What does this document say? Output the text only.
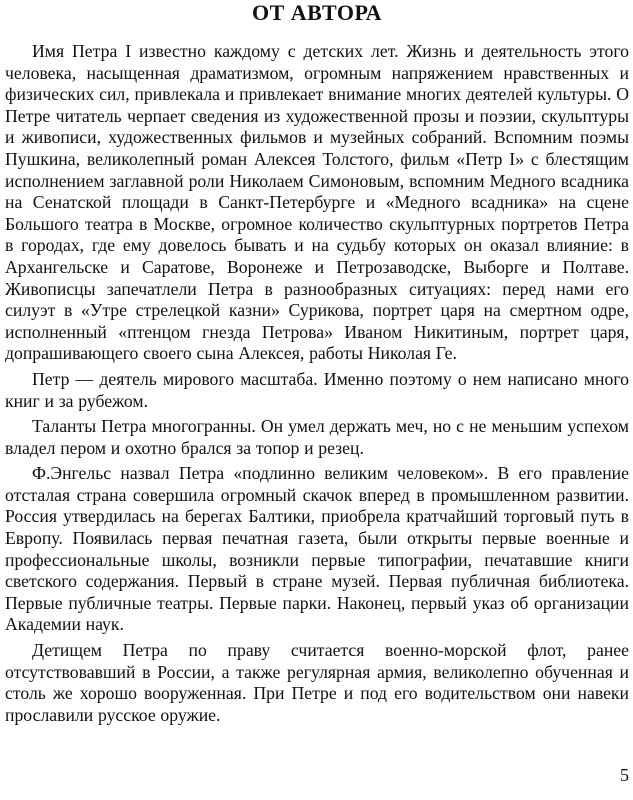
ОТ АВТОРА

Имя Петра I известно каждому с детских лет. Жизнь и деятельность этого человека, насыщенная драматизмом, огромным напряжением нравственных и физических сил, привлекала и привлекает внимание многих деятелей культуры. О Петре читатель черпает сведения из художественной прозы и поэзии, скульптуры и живописи, художественных фильмов и музейных собраний. Вспомним поэмы Пушкина, великолепный роман Алексея Толстого, фильм «Петр I» с блестящим исполнением заглавной роли Николаем Симоновым, вспомним Медного всадника на Сенатской площади в Санкт-Петербурге и «Медного всадника» на сцене Большого театра в Москве, огромное количество скульптурных портретов Петра в городах, где ему довелось бывать и на судьбу которых он оказал влияние: в Архангельске и Саратове, Воронеже и Петрозаводске, Выборге и Полтаве. Живописцы запечатлели Петра в разнообразных ситуациях: перед нами его силуэт в «Утре стрелецкой казни» Сурикова, портрет царя на смертном одре, исполненный «птенцом гнезда Петрова» Иваном Никитиным, портрет царя, допрашивающего своего сына Алексея, работы Николая Ге.

Петр — деятель мирового масштаба. Именно поэтому о нем написано много книг и за рубежом.

Таланты Петра многогранны. Он умел держать меч, но с не меньшим успехом владел пером и охотно брался за топор и резец.

Ф.Энгельс назвал Петра «подлинно великим человеком». В его правление отсталая страна совершила огромный скачок вперед в промышленном развитии. Россия утвердилась на берегах Балтики, приобрела кратчайший торговый путь в Европу. Появилась первая печатная газета, были открыты первые военные и профессиональные школы, возникли первые типографии, печатавшие книги светского содержания. Первый в стране музей. Первая публичная библиотека. Первые публичные театры. Первые парки. Наконец, первый указ об организации Академии наук.

Детищем Петра по праву считается военно-морской флот, ранее отсутствовавший в России, а также регулярная армия, великолепно обученная и столь же хорошо вооруженная. При Петре и под его водительством они навеки прославили русское оружие.

5
